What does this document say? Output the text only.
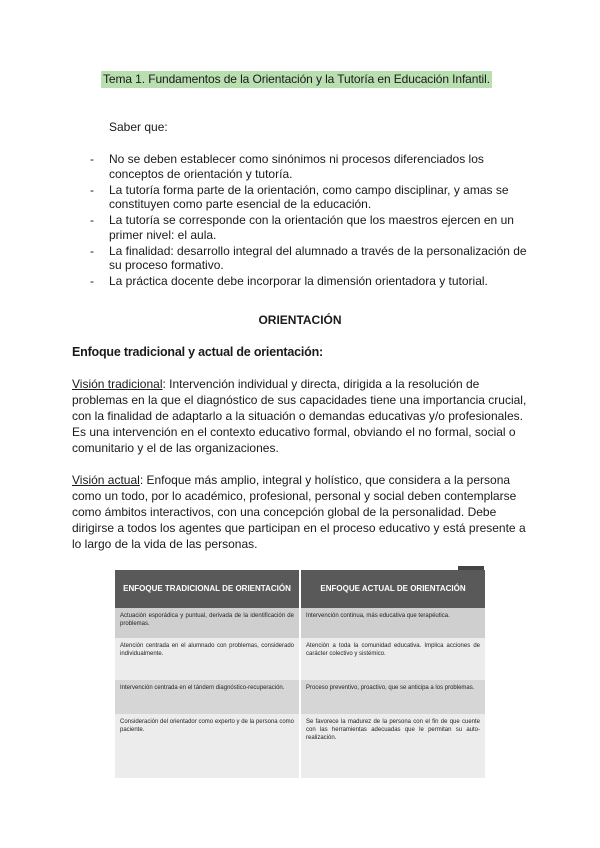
Tema 1. Fundamentos de la Orientación y la Tutoría en Educación Infantil.
Saber que:
- No se deben establecer como sinónimos ni procesos diferenciados los conceptos de orientación y tutoría.
- La tutoría forma parte de la orientación, como campo disciplinar, y amas se constituyen como parte esencial de la educación.
- La tutoría se corresponde con la orientación que los maestros ejercen en un primer nivel: el aula.
- La finalidad: desarrollo integral del alumnado a través de la personalización de su proceso formativo.
- La práctica docente debe incorporar la dimensión orientadora y tutorial.
ORIENTACIÓN
Enfoque tradicional y actual de orientación:

Visión tradicional: Intervención individual y directa, dirigida a la resolución de problemas en la que el diagnóstico de sus capacidades tiene una importancia crucial, con la finalidad de adaptarlo a la situación o demandas educativas y/o profesionales. Es una intervención en el contexto educativo formal, obviando el no formal, social o comunitario y el de las organizaciones.

Visión actual: Enfoque más amplio, integral y holístico, que considera a la persona como un todo, por lo académico, profesional, personal y social deben contemplarse como ámbitos interactivos, con una concepción global de la personalidad. Debe dirigirse a todos los agentes que participan en el proceso educativo y está presente a lo largo de la vida de las personas.

ENFOQUE TRADICIONAL DE ORIENTACIÓN	ENFOQUE ACTUAL DE ORIENTACIÓN
Actuación esporádica y puntual, derivada de la identificación de problemas.	Intervención continua, más educativa que terapéutica.
Atención centrada en el alumnado con problemas, considerado individualmente.	Atención a toda la comunidad educativa. Implica acciones de carácter colectivo y sistémico.
Intervención centrada en el tándem diagnóstico-recuperación.	Proceso preventivo, proactivo, que se anticipa a los problemas.
Consideración del orientador como experto y de la persona como paciente.	Se favorece la madurez de la persona con el fin de que cuente con las herramientas adecuadas que le permitan su auto-realización.
